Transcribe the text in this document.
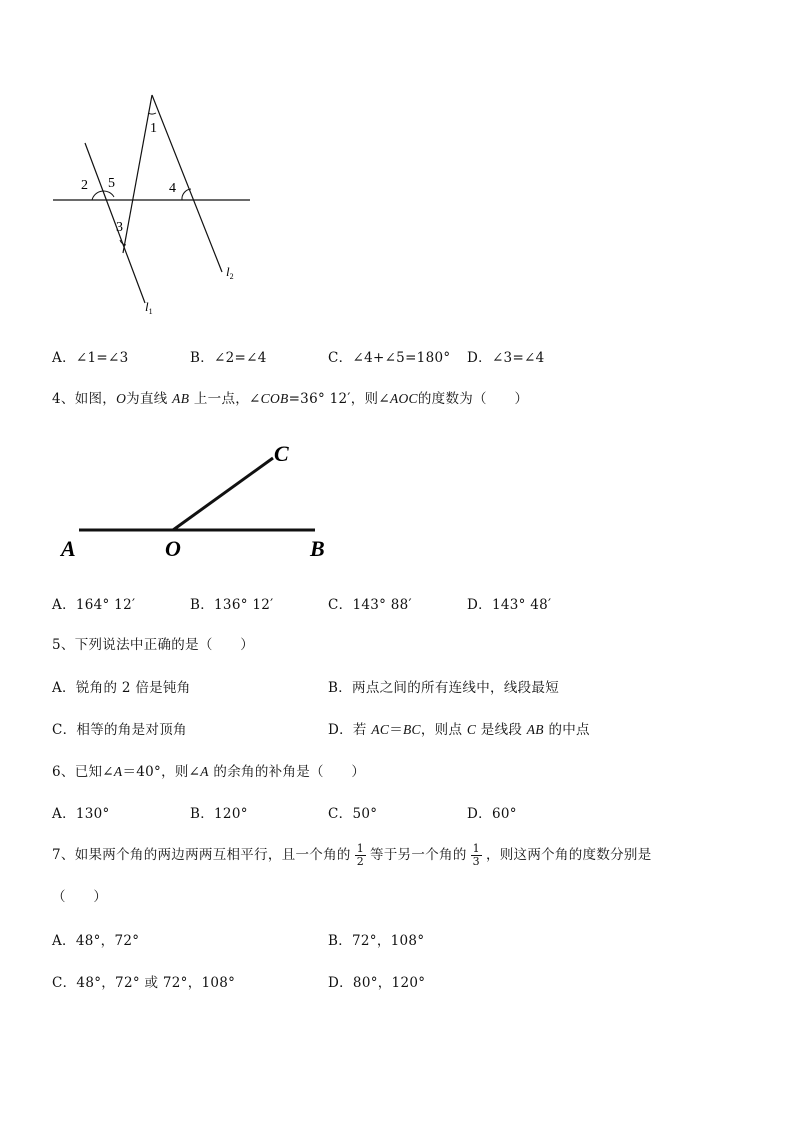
1
2 5	4
3
$l_2$
$l_1$
A．∠1=∠3	B．∠2=∠4	C．∠4+∠5=180° D．∠3=∠4
4、如图，O为直线 AB 上一点，∠COB=36° 12′，则∠AOC的度数为（　　）
A	O	B
C
A．164° 12′	B．136° 12′	C．143° 88′	D．143° 48′
5、下列说法中正确的是（　　）
A．锐角的 2 倍是钝角	B．两点之间的所有连线中，线段最短
C．相等的角是对顶角	D．若 AC＝BC，则点 C 是线段 AB 的中点
6、已知∠A＝40°，则∠A 的余角的补角是（　　）
A．130°	B．120°	C．50°	D．60°
7、如果两个角的两边两两互相平行，且一个角的 $\frac{1}{2}$ 等于另一个角的 $\frac{1}{3}$ ，则这两个角的度数分别是
（　　）
A．48°，72°	B．72°，108°
C．48°，72° 或 72°，108°	D．80°，120°
